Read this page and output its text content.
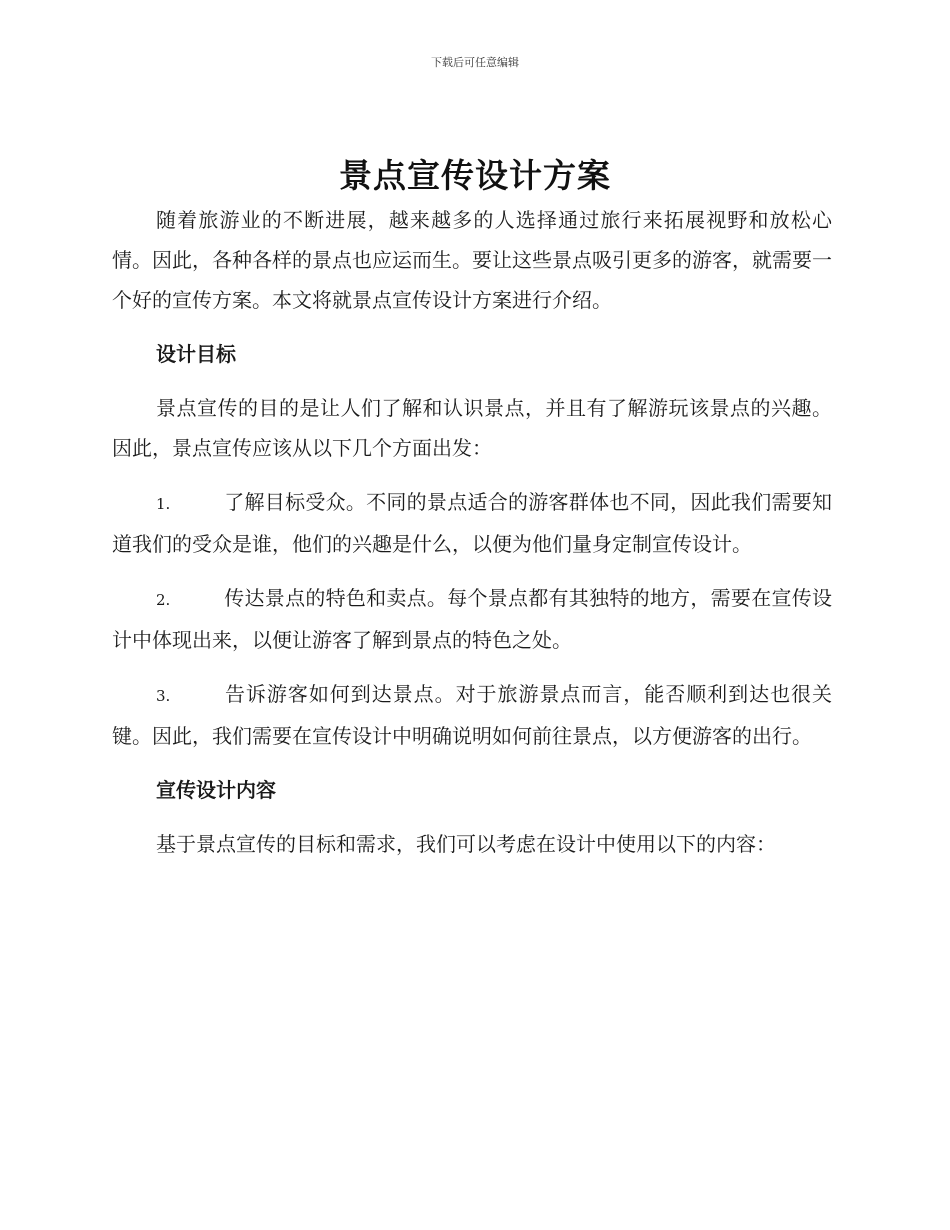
下载后可任意编辑
景点宣传设计方案

随着旅游业的不断进展，越来越多的人选择通过旅行来拓展视野和放松心情。因此，各种各样的景点也应运而生。要让这些景点吸引更多的游客，就需要一个好的宣传方案。本文将就景点宣传设计方案进行介绍。

设计目标

景点宣传的目的是让人们了解和认识景点，并且有了解游玩该景点的兴趣。因此，景点宣传应该从以下几个方面出发：

1.	了解目标受众。不同的景点适合的游客群体也不同，因此我们需要知道我们的受众是谁，他们的兴趣是什么，以便为他们量身定制宣传设计。

2.	传达景点的特色和卖点。每个景点都有其独特的地方，需要在宣传设计中体现出来，以便让游客了解到景点的特色之处。

3.	告诉游客如何到达景点。对于旅游景点而言，能否顺利到达也很关键。因此，我们需要在宣传设计中明确说明如何前往景点，以方便游客的出行。

宣传设计内容

基于景点宣传的目标和需求，我们可以考虑在设计中使用以下的内容：
